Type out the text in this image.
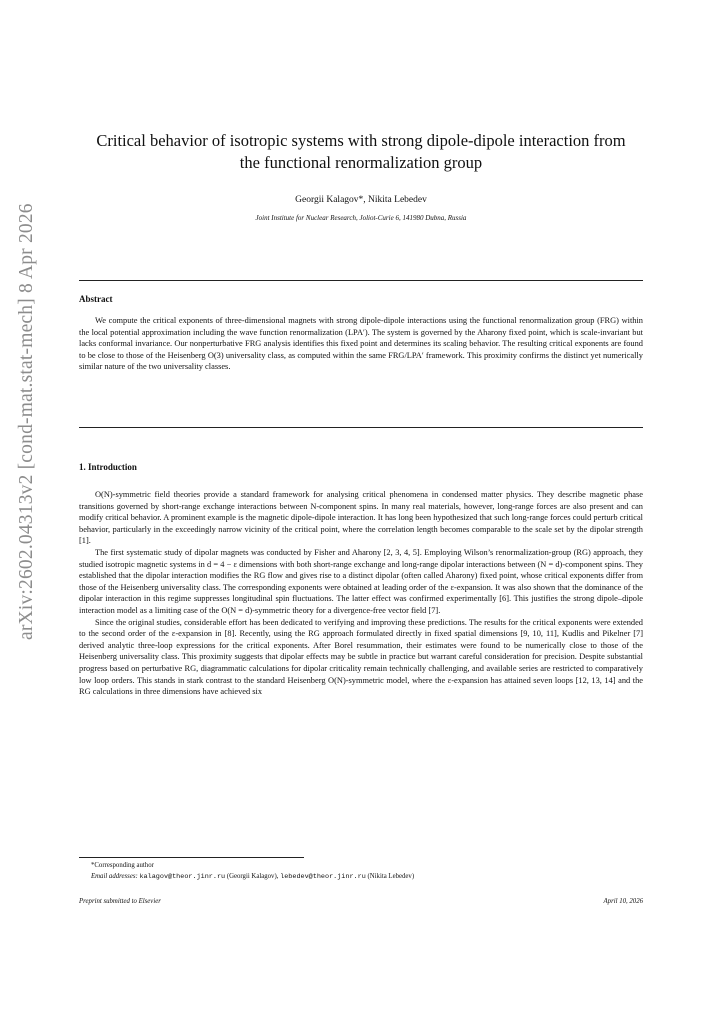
arXiv:2602.04313v2 [cond-mat.stat-mech] 8 Apr 2026
Critical behavior of isotropic systems with strong dipole-dipole interaction from
the functional renormalization group
Georgii Kalagov*, Nikita Lebedev
Joint Institute for Nuclear Research, Joliot-Curie 6, 141980 Dubna, Russia
Abstract

We compute the critical exponents of three-dimensional magnets with strong dipole-dipole interactions using the functional renormalization group (FRG) within the local potential approximation including the wave function renormalization (LPA′). The system is governed by the Aharony fixed point, which is scale-invariant but lacks conformal invariance. Our nonperturbative FRG analysis identifies this fixed point and determines its scaling behavior. The resulting critical exponents are found to be close to those of the Heisenberg O(3) universality class, as computed within the same FRG/LPA′ framework. This proximity confirms the distinct yet numerically similar nature of the two universality classes.

1. Introduction

O(N)-symmetric field theories provide a standard framework for analysing critical phenomena in condensed matter physics. They describe magnetic phase transitions governed by short-range exchange interactions between N-component spins. In many real materials, however, long-range forces are also present and can modify critical behavior. A prominent example is the magnetic dipole-dipole interaction. It has long been hypothesized that such long-range forces could perturb critical behavior, particularly in the exceedingly narrow vicinity of the critical point, where the correlation length becomes comparable to the scale set by the dipolar strength [1].

The first systematic study of dipolar magnets was conducted by Fisher and Aharony [2, 3, 4, 5]. Employing Wilson’s renormalization-group (RG) approach, they studied isotropic magnetic systems in d = 4 − ε dimensions with both short-range exchange and long-range dipolar interactions between (N = d)-component spins. They established that the dipolar interaction modifies the RG flow and gives rise to a distinct dipolar (often called Aharony) fixed point, whose critical exponents differ from those of the Heisenberg universality class. The corresponding exponents were obtained at leading order of the ε-expansion. It was also shown that the dominance of the dipolar interaction in this regime suppresses longitudinal spin fluctuations. The latter effect was confirmed experimentally [6]. This justifies the strong dipole–dipole interaction model as a limiting case of the O(N = d)-symmetric theory for a divergence-free vector field [7].

Since the original studies, considerable effort has been dedicated to verifying and improving these predictions. The results for the critical exponents were extended to the second order of the ε-expansion in [8]. Recently, using the RG approach formulated directly in fixed spatial dimensions [9, 10, 11], Kudlis and Pikelner [7] derived analytic three-loop expressions for the critical exponents. After Borel resummation, their estimates were found to be numerically close to those of the Heisenberg universality class. This proximity suggests that dipolar effects may be subtle in practice but warrant careful consideration for precision. Despite substantial progress based on perturbative RG, diagrammatic calculations for dipolar criticality remain technically challenging, and available series are restricted to comparatively low loop orders. This stands in stark contrast to the standard Heisenberg O(N)-symmetric model, where the ε-expansion has attained seven loops [12, 13, 14] and the RG calculations in three dimensions have achieved six

*Corresponding author
Email addresses: kalagov@theor.jinr.ru (Georgii Kalagov), lebedev@theor.jinr.ru (Nikita Lebedev)
Preprint submitted to Elsevier	April 10, 2026
